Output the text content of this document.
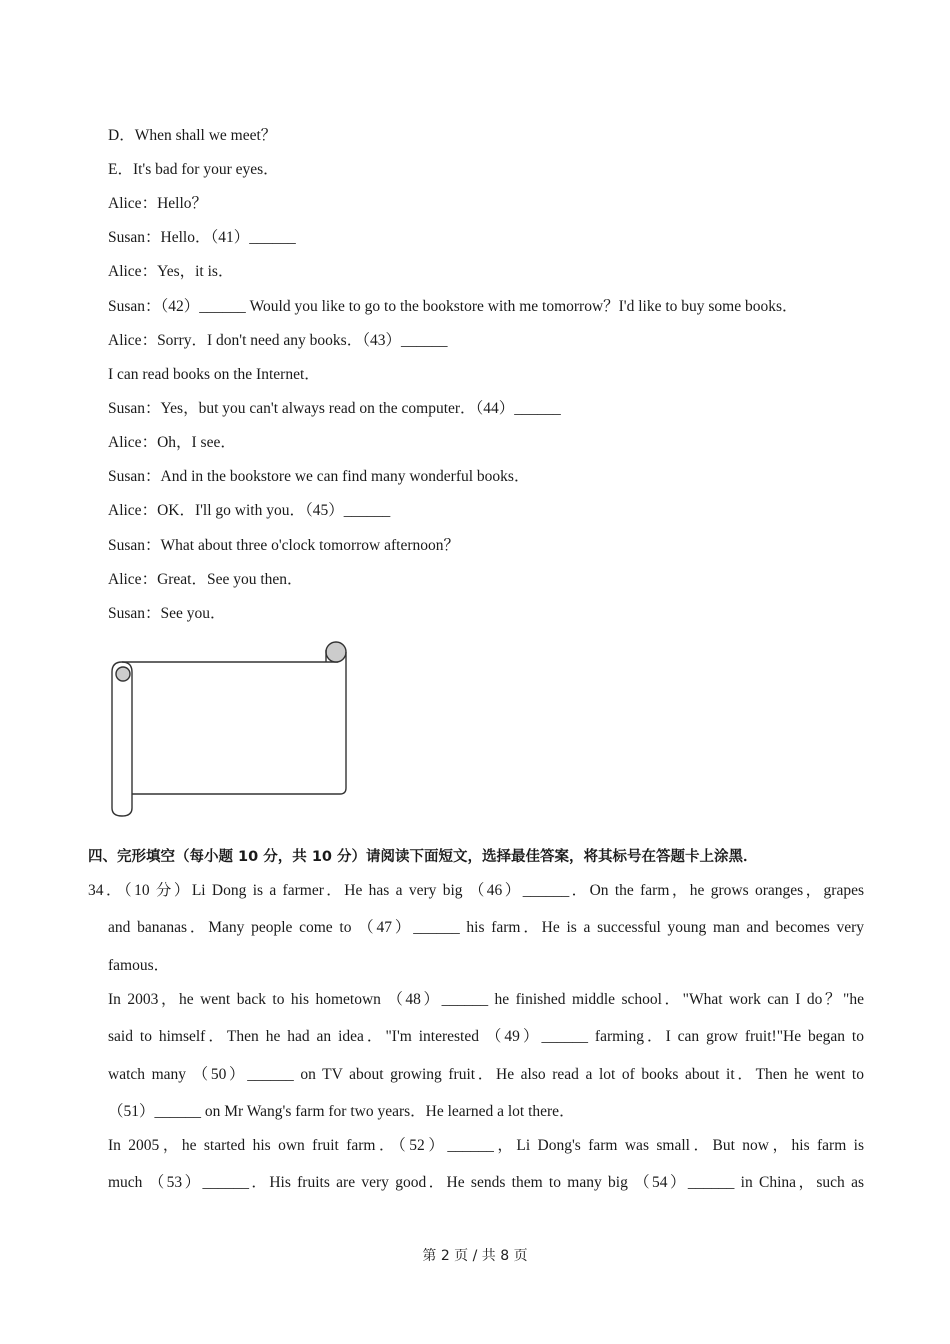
D．When shall we meet？
E．It's bad for your eyes．
Alice：Hello？
Susan：Hello．（41）______
Alice：Yes，it is．
Susan：（42）______ Would you like to go to the bookstore with me tomorrow？I'd like to buy some books．
Alice：Sorry．I don't need any books．（43）______
I can read books on the Internet．
Susan：Yes，but you can't always read on the computer．（44）______
Alice：Oh，I see．
Susan：And in the bookstore we can find many wonderful books．
Alice：OK．I'll go with you．（45）______
Susan：What about three o'clock tomorrow afternoon？
Alice：Great．See you then．
Susan：See you．
四、完形填空（每小题 10 分，共 10 分）请阅读下面短文，选择最佳答案，将其标号在答题卡上涂黑．
34．（10 分）Li Dong is a farmer．He has a very big （46）______．On the farm，he grows oranges，grapes
and bananas．Many people come to （47）______ his farm．He is a successful young man and becomes very
famous．
In 2003，he went back to his hometown （48）______ he finished middle school．"What work can I do？"he
said to himself．Then he had an idea．"I'm interested （49）______ farming．I can grow fruit!"He began to
watch many （50）______ on TV about growing fruit．He also read a lot of books about it．Then he went to
（51）______ on Mr Wang's farm for two years．He learned a lot there．
In 2005，he started his own fruit farm．（52）______，Li Dong's farm was small．But now，his farm is
much （53）______．His fruits are very good．He sends them to many big （54）______ in China，such as
第 2 页 / 共 8 页
